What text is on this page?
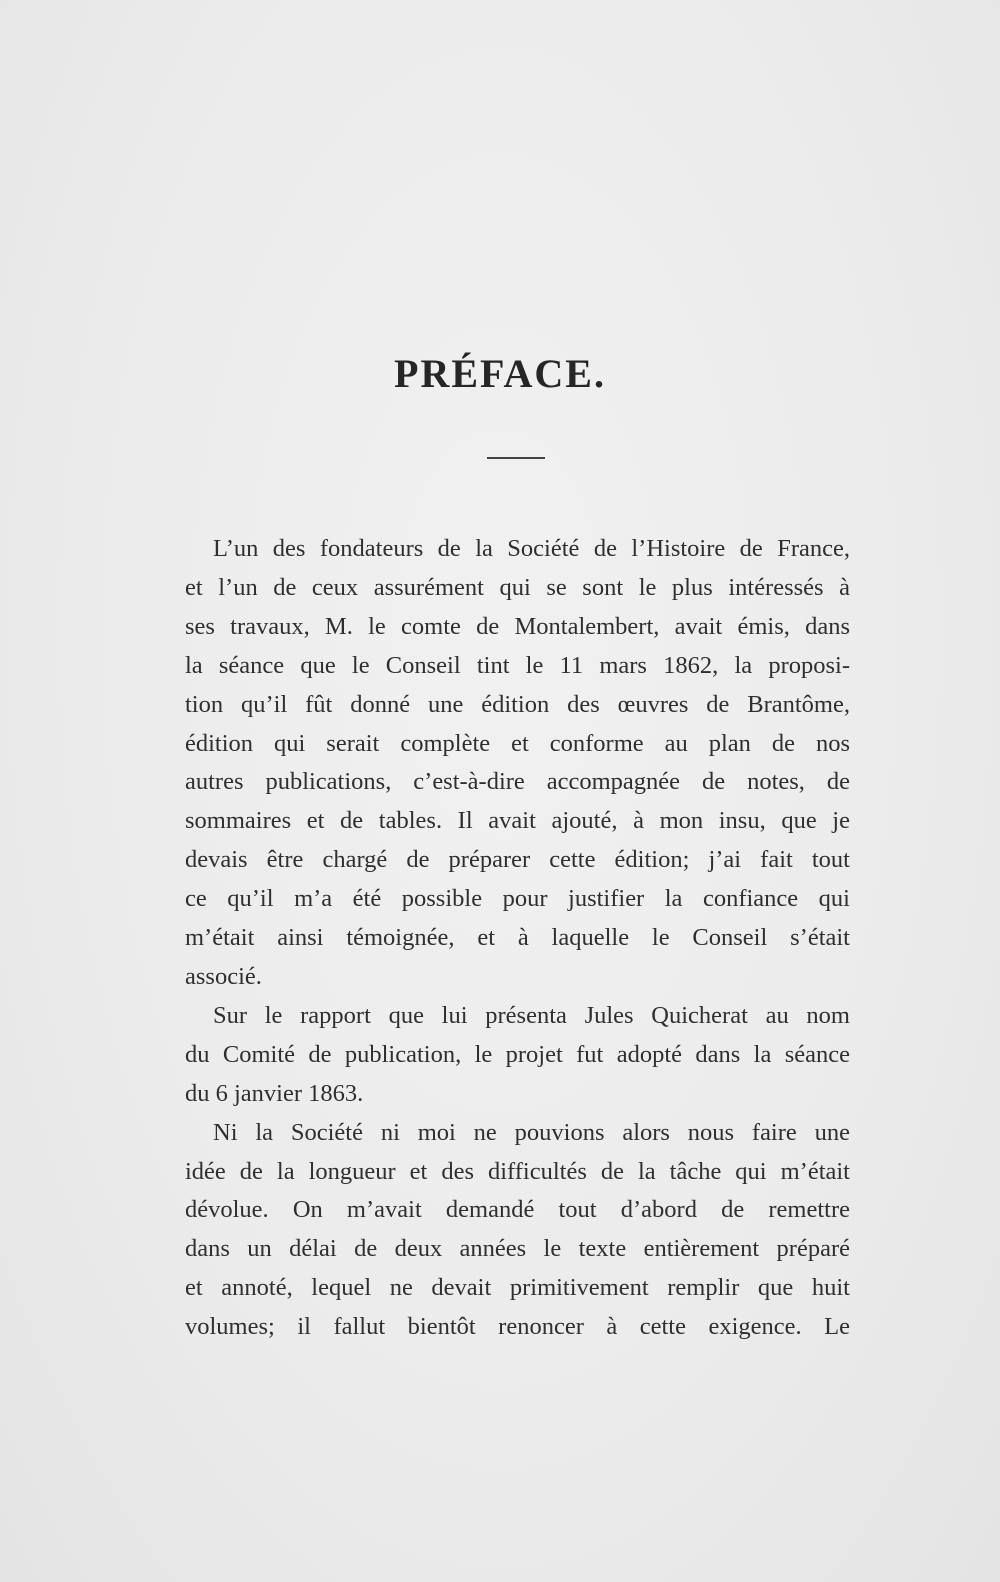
PRÉFACE.

L’un des fondateurs de la Société de l’Histoire de France,
et l’un de ceux assurément qui se sont le plus intéressés à
ses travaux, M. le comte de Montalembert, avait émis, dans
la séance que le Conseil tint le 11 mars 1862, la proposi-
tion qu’il fût donné une édition des œuvres de Brantôme,
édition qui serait complète et conforme au plan de nos
autres publications, c’est-à-dire accompagnée de notes, de
sommaires et de tables. Il avait ajouté, à mon insu, que je
devais être chargé de préparer cette édition; j’ai fait tout
ce qu’il m’a été possible pour justifier la confiance qui
m’était ainsi témoignée, et à laquelle le Conseil s’était
associé.

Sur le rapport que lui présenta Jules Quicherat au nom
du Comité de publication, le projet fut adopté dans la séance
du 6 janvier 1863.

Ni la Société ni moi ne pouvions alors nous faire une
idée de la longueur et des difficultés de la tâche qui m’était
dévolue. On m’avait demandé tout d’abord de remettre
dans un délai de deux années le texte entièrement préparé
et annoté, lequel ne devait primitivement remplir que huit
volumes; il fallut bientôt renoncer à cette exigence. Le
